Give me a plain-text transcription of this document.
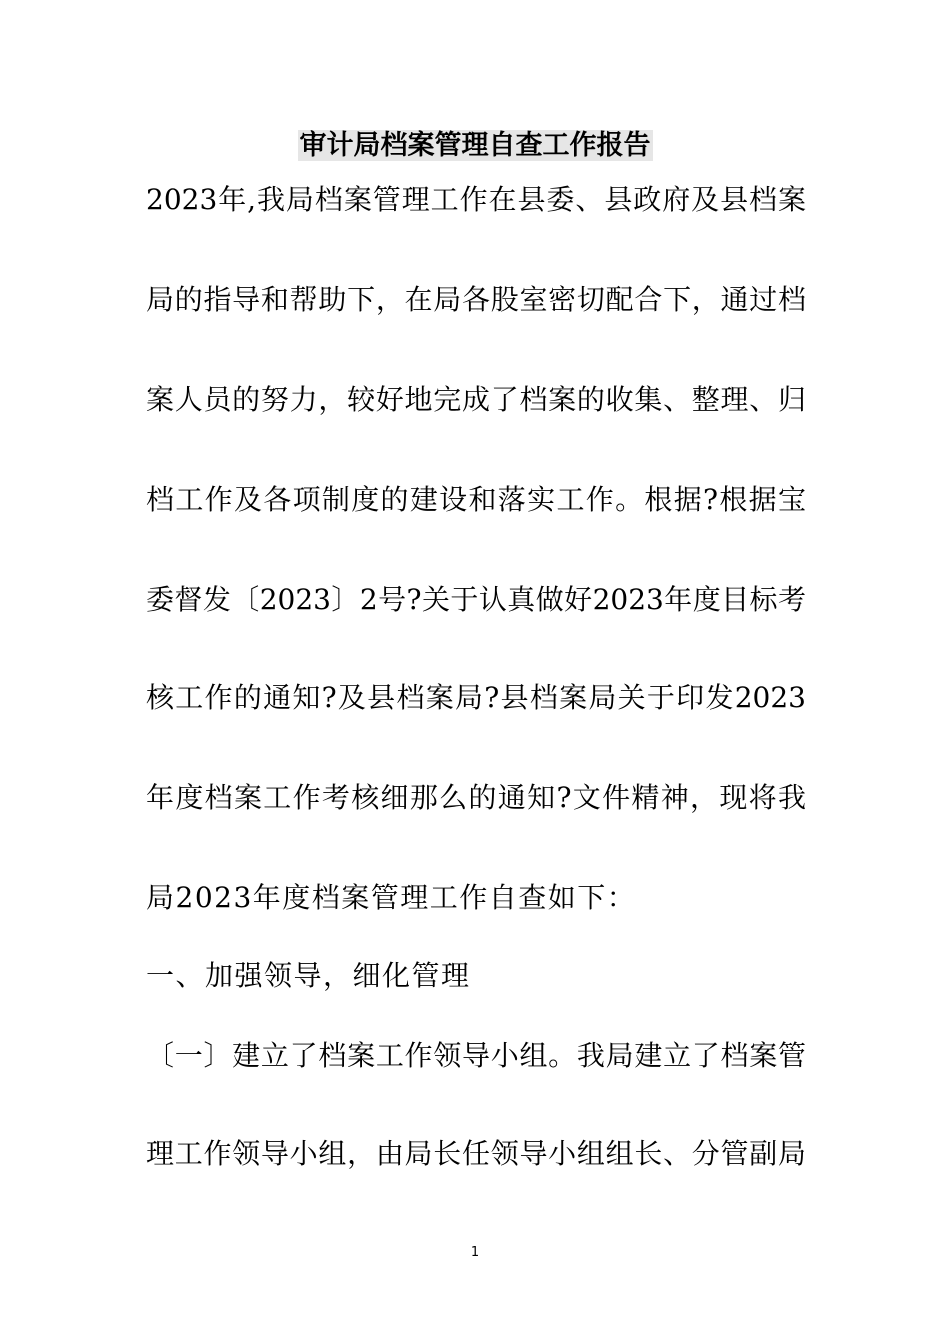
审计局档案管理自查工作报告
2023年,我局档案管理工作在县委、县政府及县档案
局的指导和帮助下，在局各股室密切配合下，通过档
案人员的努力，较好地完成了档案的收集、整理、归
档工作及各项制度的建设和落实工作。根据?根据宝
委督发〔2023〕2号?关于认真做好2023年度目标考
核工作的通知?及县档案局?县档案局关于印发2023
年度档案工作考核细那么的通知?文件精神，现将我
局2023年度档案管理工作自查如下：
一、加强领导，细化管理
〔一〕建立了档案工作领导小组。我局建立了档案管
理工作领导小组，由局长任领导小组组长、分管副局
1
